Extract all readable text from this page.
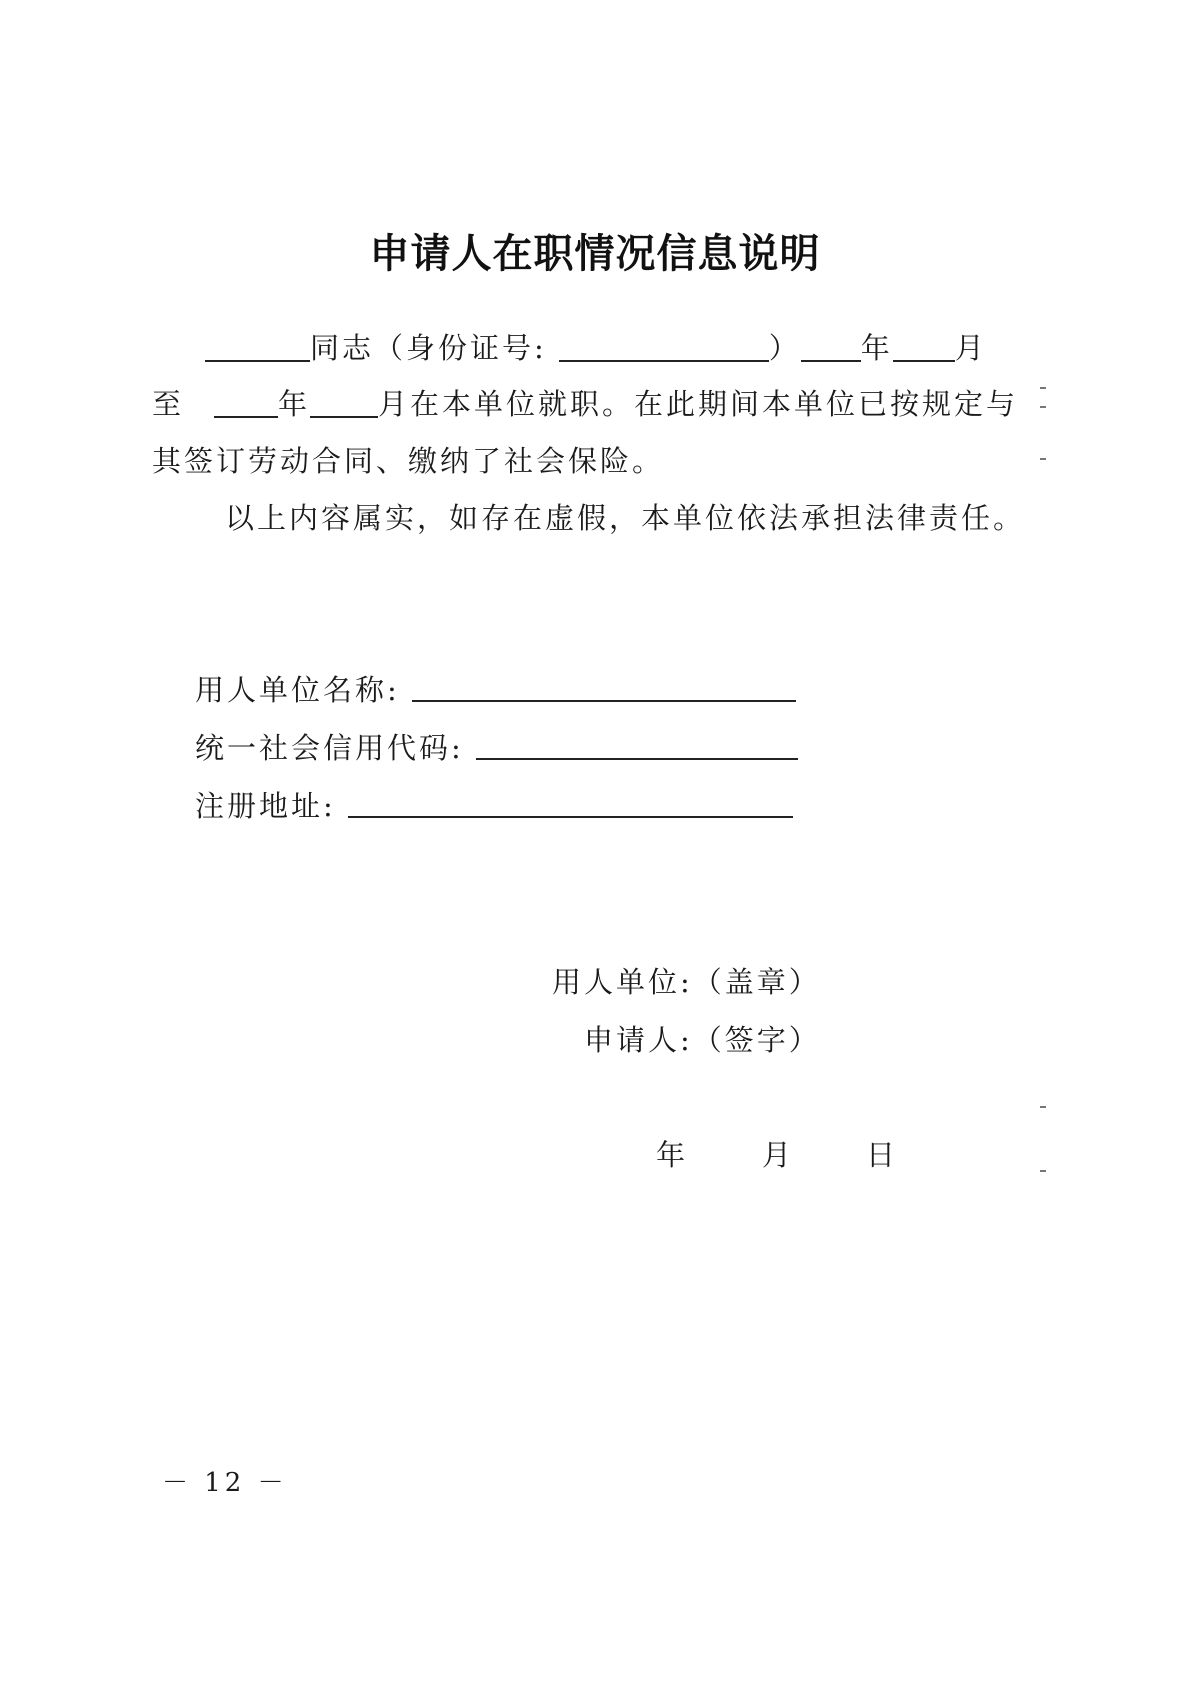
申请人在职情况信息说明
同志（身份证号:	） 年 月
至	年 月在本单位就职。在此期间本单位已按规定与
其签订劳动合同、缴纳了社会保险。
以上内容属实，如存在虚假，本单位依法承担法律责任。
用人单位名称:
统一社会信用代码:
注册地址:
用人单位:（盖章）
申请人:（签字）
年	月 日
－ 12 －
